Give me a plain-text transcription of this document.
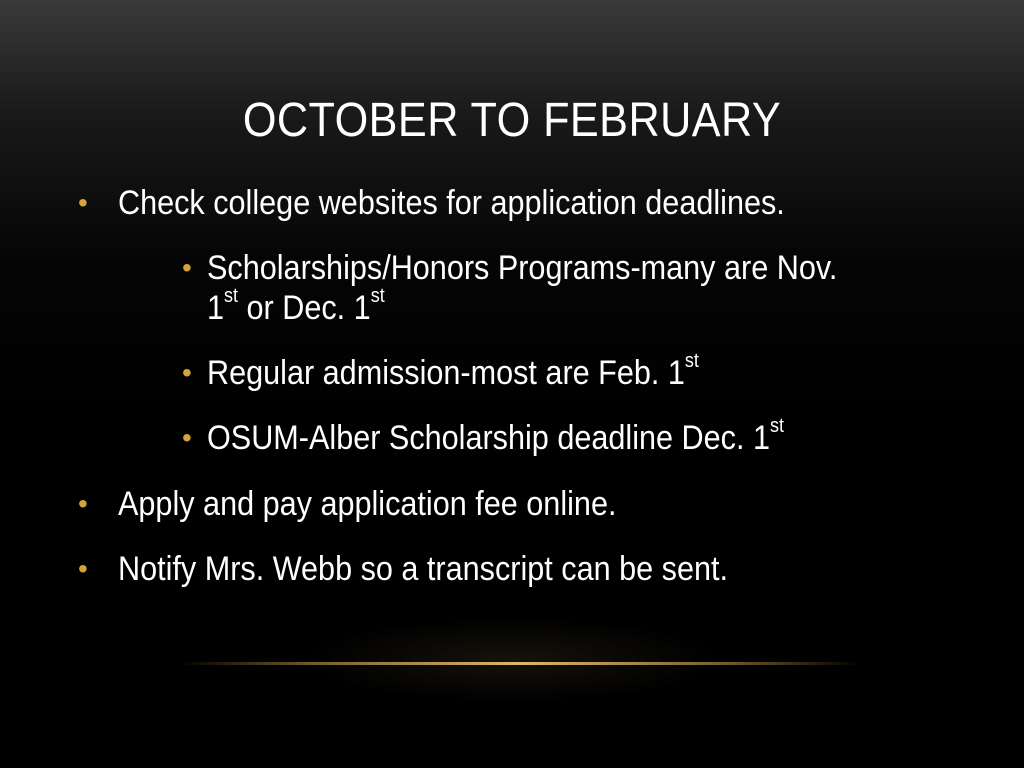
OCTOBER TO FEBRUARY
• Check college websites for application deadlines.
• Scholarships/Honors Programs-many are Nov.
1st or Dec. 1st
• Regular admission-most are Feb. 1st
• OSUM-Alber Scholarship deadline Dec. 1st
• Apply and pay application fee online.
• Notify Mrs. Webb so a transcript can be sent.
